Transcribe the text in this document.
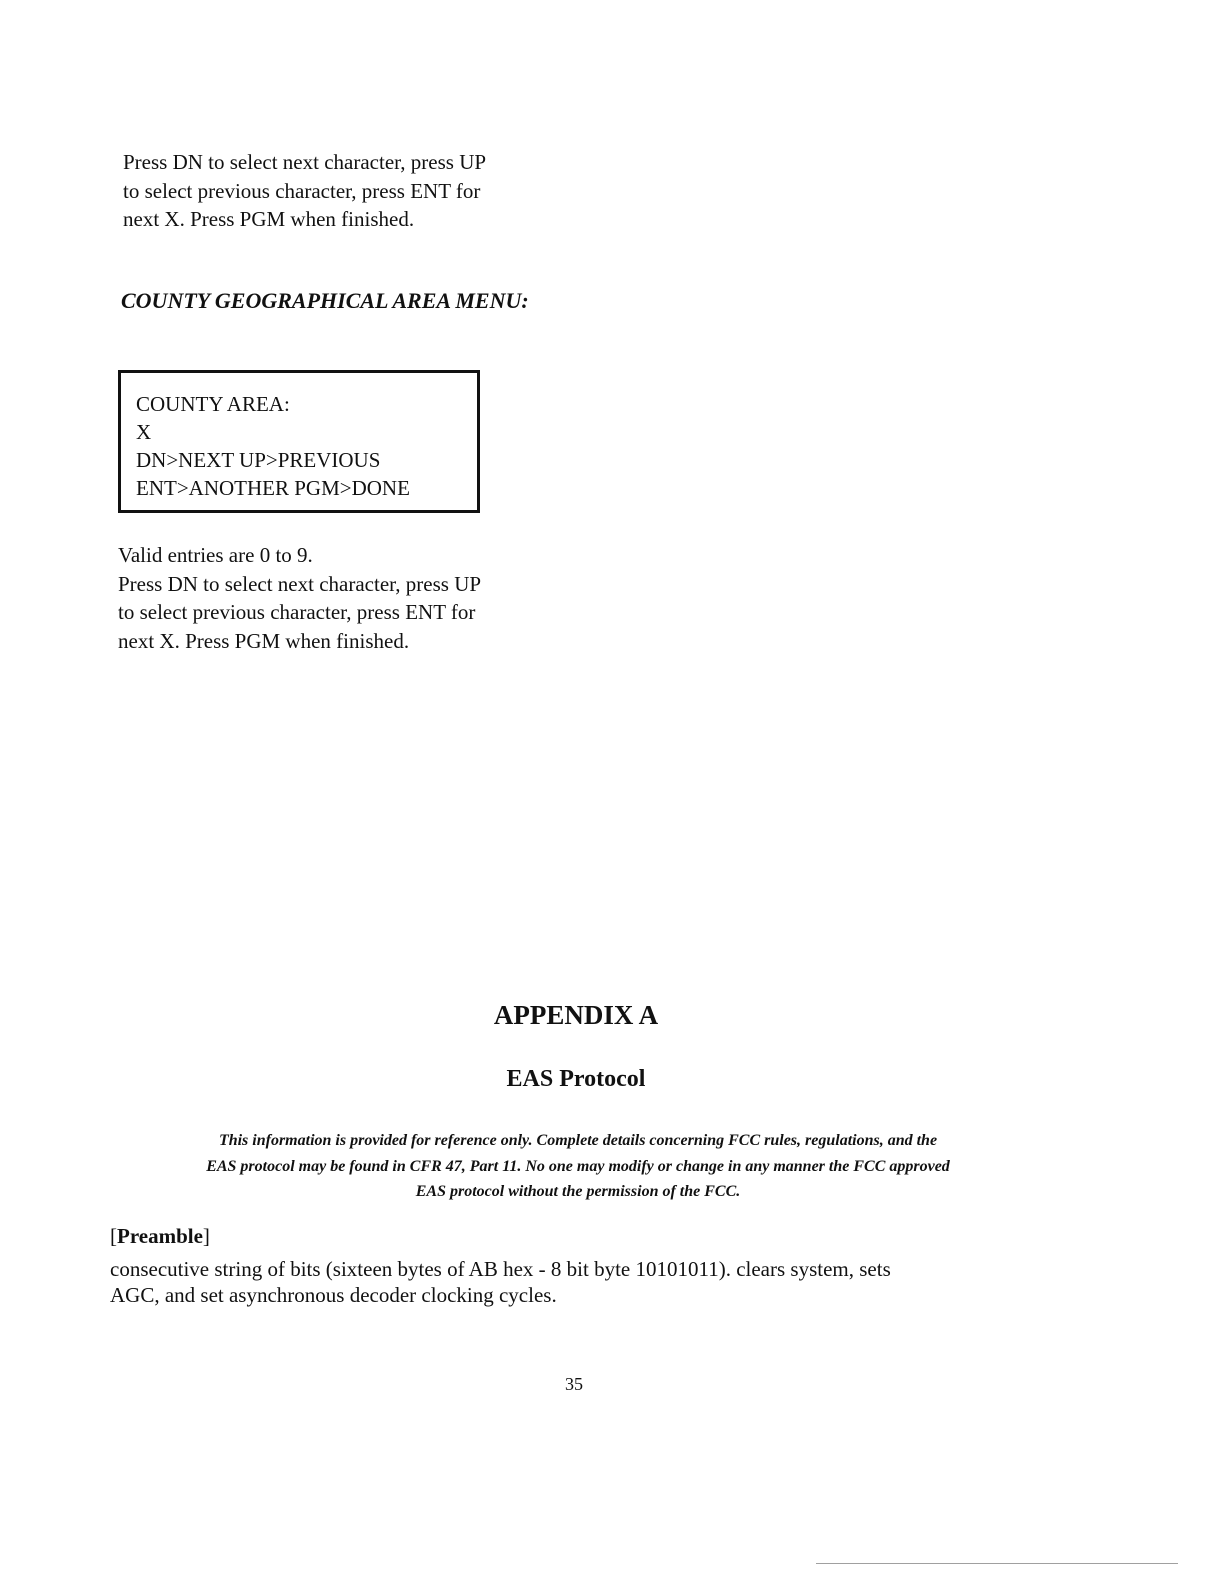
Press DN to select next character, press UP
to select previous character, press ENT for
next X. Press PGM when finished.
COUNTY GEOGRAPHICAL AREA MENU:
COUNTY AREA:
X
DN>NEXT UP>PREVIOUS
ENT>ANOTHER PGM>DONE
Valid entries are 0 to 9.
Press DN to select next character, press UP
to select previous character, press ENT for
next X. Press PGM when finished.
APPENDIX A
EAS Protocol
This information is provided for reference only. Complete details concerning FCC rules, regulations, and the
EAS protocol may be found in CFR 47, Part 11. No one may modify or change in any manner the FCC approved
EAS protocol without the permission of the FCC.
[Preamble]
consecutive string of bits (sixteen bytes of AB hex - 8 bit byte 10101011). clears system, sets
AGC, and set asynchronous decoder clocking cycles.
35
